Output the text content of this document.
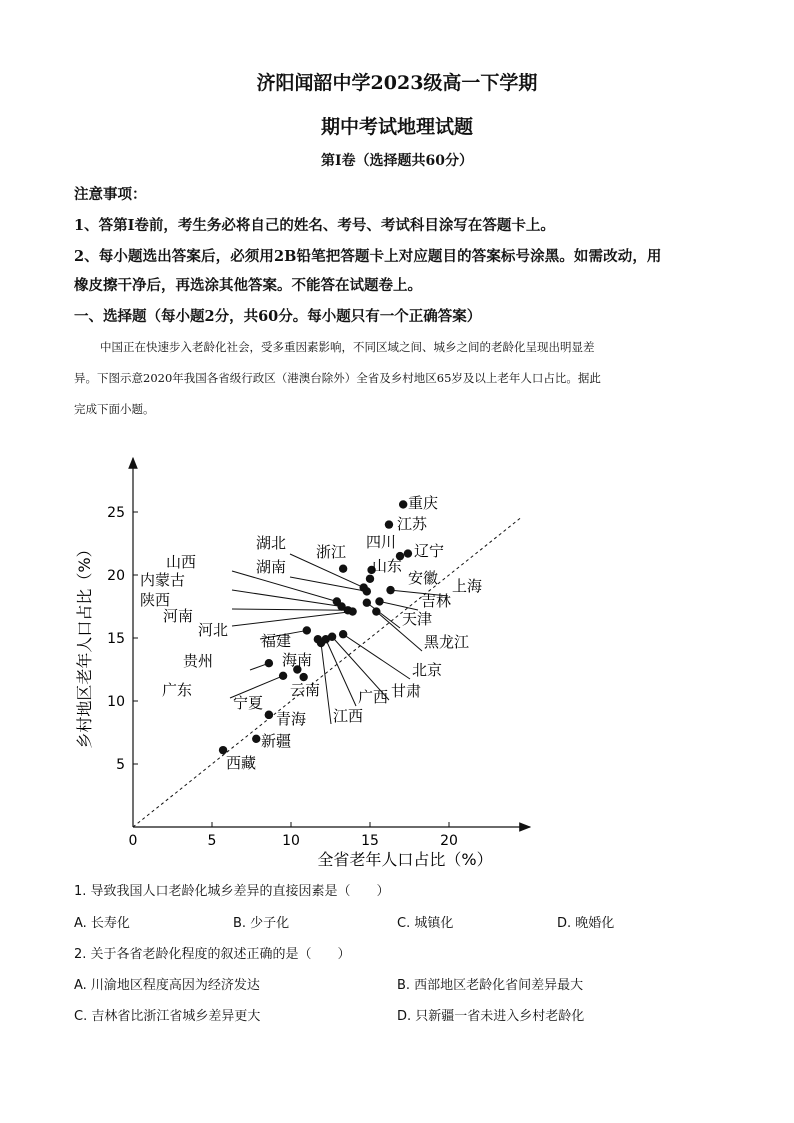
济阳闻韶中学2023级高一下学期
期中考试地理试题
第Ⅰ卷（选择题共60分）
注意事项：
1、答第Ⅰ卷前，考生务必将自己的姓名、考号、考试科目涂写在答题卡上。
2、每小题选出答案后，必须用2B铅笔把答题卡上对应题目的答案标号涂黑。如需改动，用
橡皮擦干净后，再选涂其他答案。不能答在试题卷上。
一、选择题（每小题2分，共60分。每小题只有一个正确答案）
中国正在快速步入老龄化社会，受多重因素影响，不同区域之间、城乡之间的老龄化呈现出明显差
异。下图示意2020年我国各省级行政区（港澳台除外）全省及乡村地区65岁及以上老年人口占比。据此
完成下面小题。
0	5	10	15	20
5
10
15
20
25
全省老年人口占比（%）
乡村地区老年人口占比（%）
重庆
江苏
辽宁
四川
浙江
山东
安徽
湖北
湖南
上海
吉林
山西
内蒙古
陕西
河南	天津
黑龙江
河北
北京
甘肃
福建
广西
江西
贵州	海南
广东	云南
宁夏
青海
新疆
西藏
1. 导致我国人口老龄化城乡差异的直接因素是（　　）
A. 长寿化	B. 少子化	C. 城镇化	D. 晚婚化
2. 关于各省老龄化程度的叙述正确的是（　　）
A. 川渝地区程度高因为经济发达	B. 西部地区老龄化省间差异最大
C. 吉林省比浙江省城乡差异更大	D. 只新疆一省未进入乡村老龄化
